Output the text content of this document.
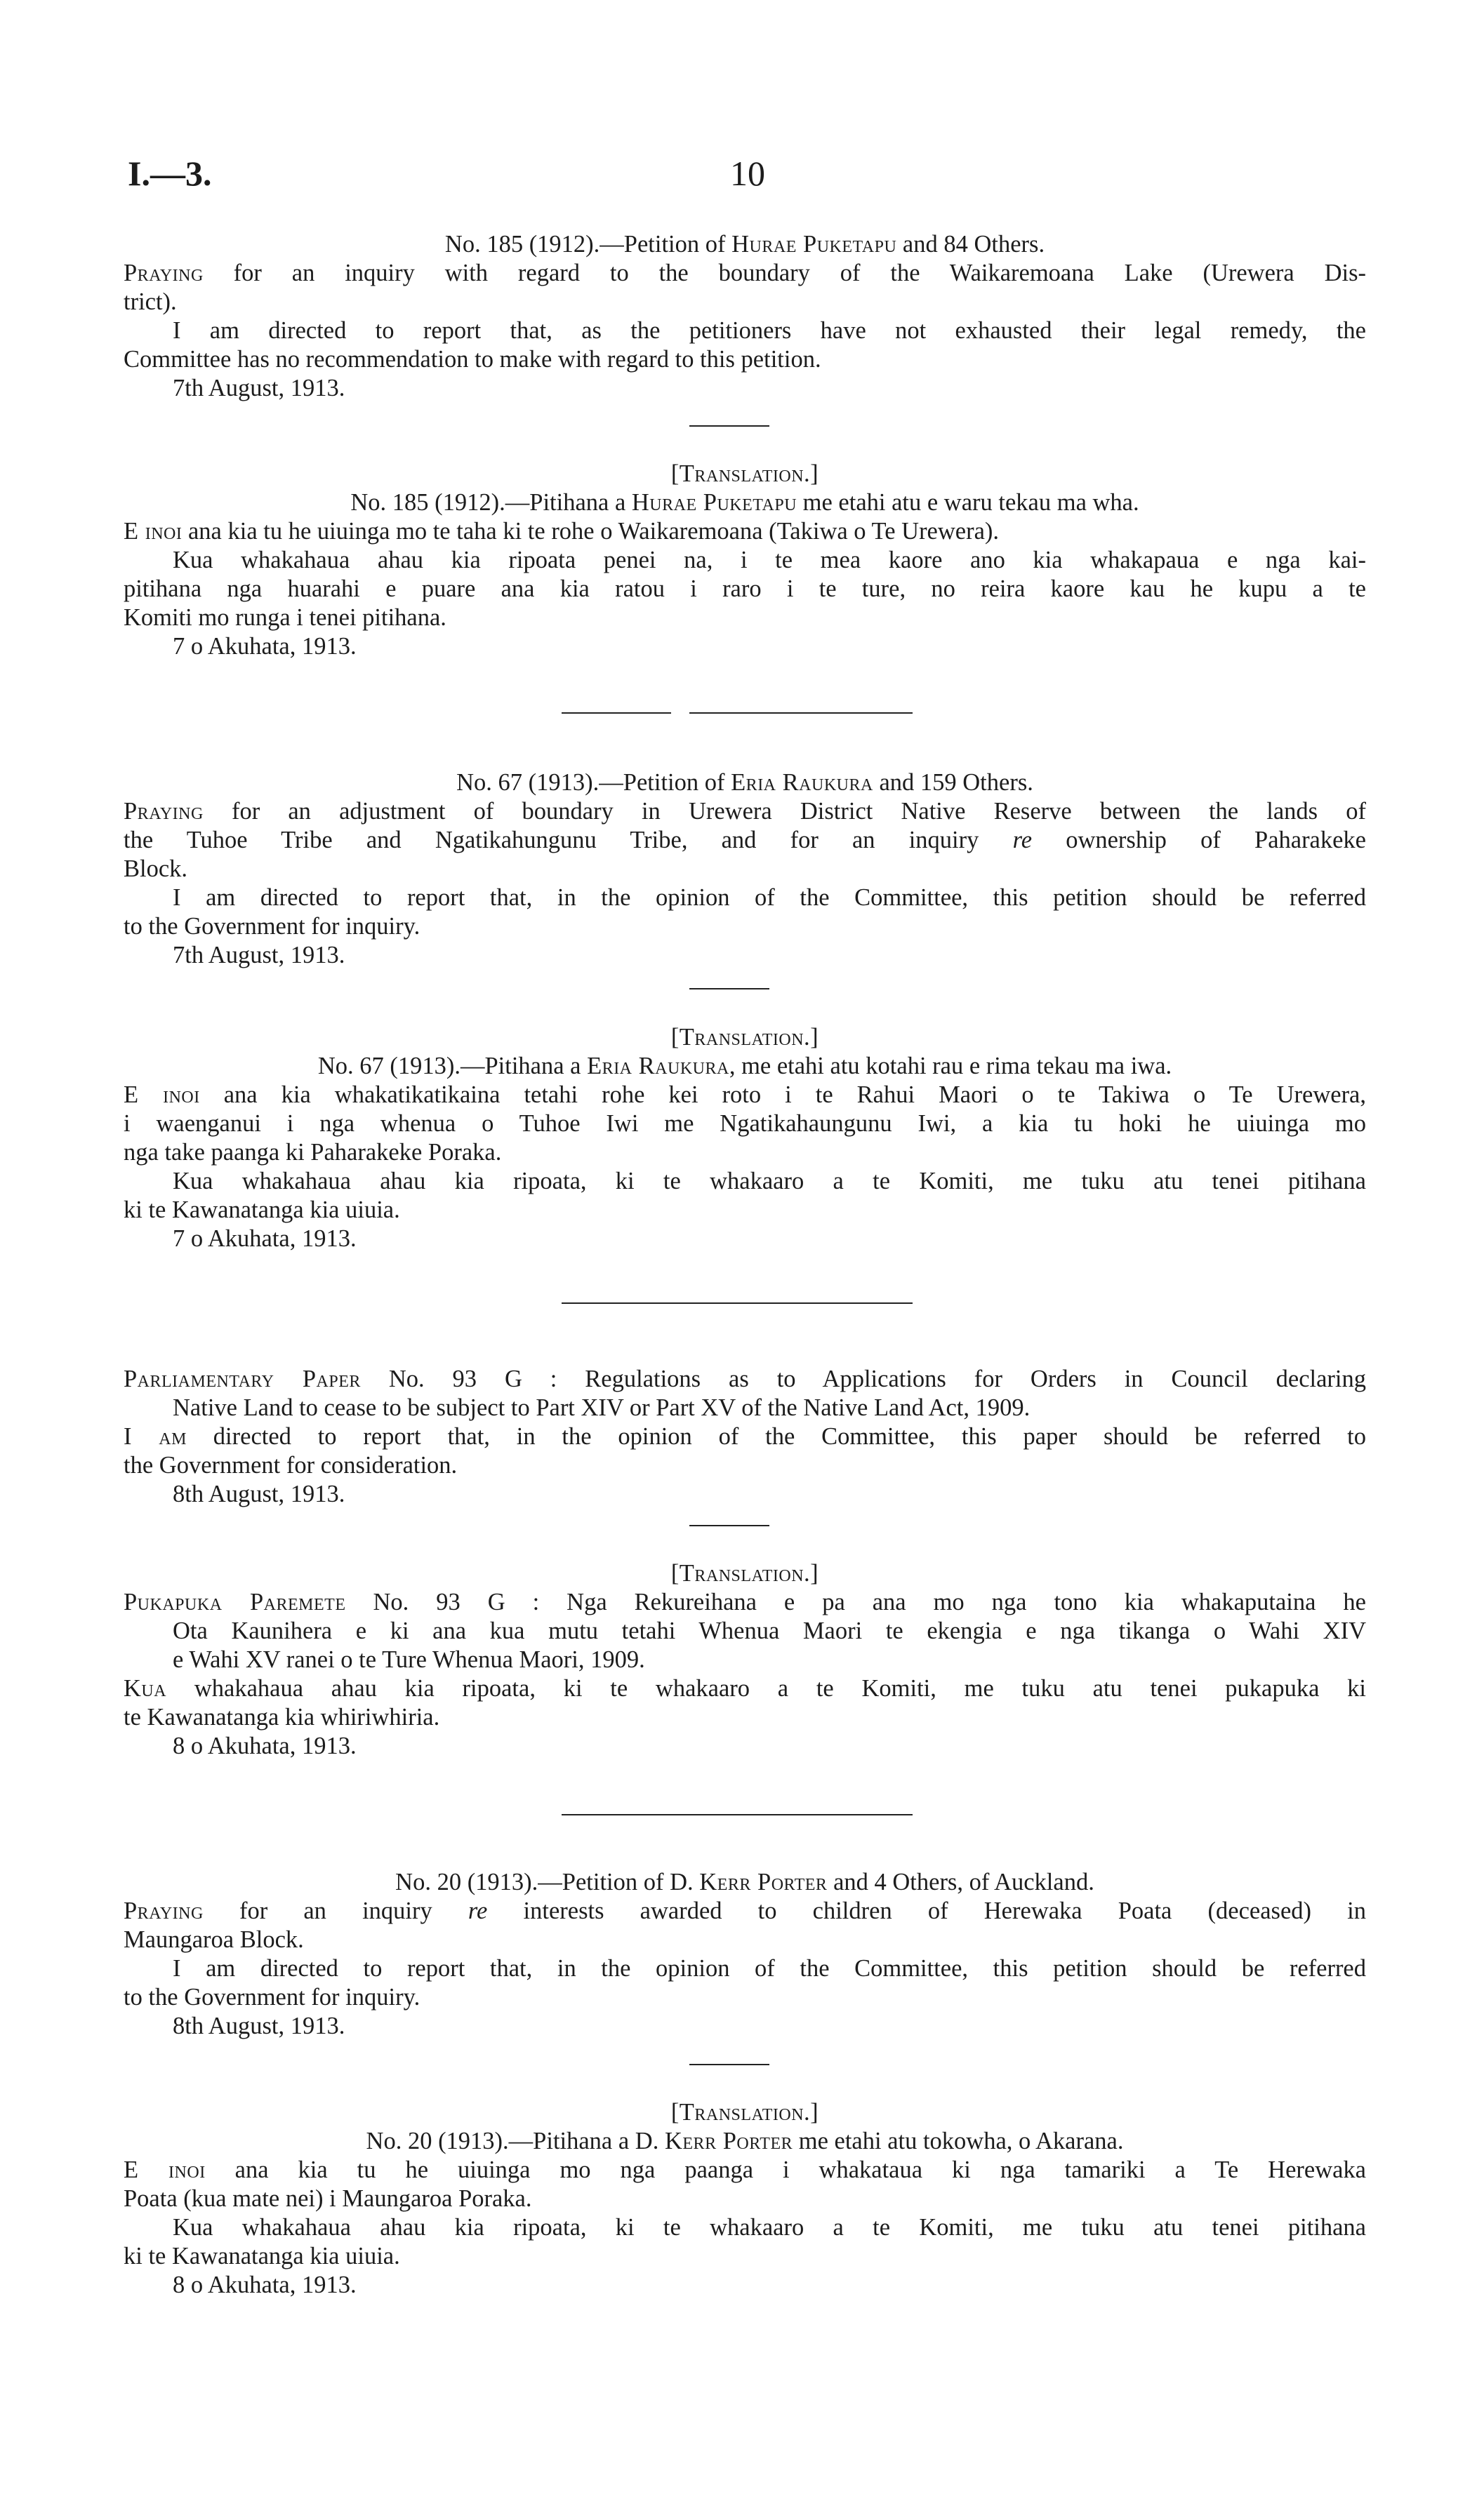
I.—3.	10
No. 185 (1912).—Petition of Hurae Puketapu and 84 Others.
Praying for an inquiry with regard to the boundary of the Waikaremoana Lake (Urewera Dis-
trict).
I am directed to report that, as the petitioners have not exhausted their legal remedy, the
Committee has no recommendation to make with regard to this petition.
7th August, 1913.
[Translation.]
No. 185 (1912).—Pitihana a Hurae Puketapu me etahi atu e waru tekau ma wha.
E inoi ana kia tu he uiuinga mo te taha ki te rohe o Waikaremoana (Takiwa o Te Urewera).
Kua whakahaua ahau kia ripoata penei na, i te mea kaore ano kia whakapaua e nga kai-
pitihana nga huarahi e puare ana kia ratou i raro i te ture, no reira kaore kau he kupu a te
Komiti mo runga i tenei pitihana.
7 o Akuhata, 1913.
No. 67 (1913).—Petition of Eria Raukura and 159 Others.
Praying for an adjustment of boundary in Urewera District Native Reserve between the lands of
the Tuhoe Tribe and Ngatikahungunu Tribe, and for an inquiry re ownership of Paharakeke
Block.
I am directed to report that, in the opinion of the Committee, this petition should be referred
to the Government for inquiry.
7th August, 1913.
[Translation.]
No. 67 (1913).—Pitihana a Eria Raukura, me etahi atu kotahi rau e rima tekau ma iwa.
E inoi ana kia whakatikatikaina tetahi rohe kei roto i te Rahui Maori o te Takiwa o Te Urewera,
i waenganui i nga whenua o Tuhoe Iwi me Ngatikahaungunu Iwi, a kia tu hoki he uiuinga mo
nga take paanga ki Paharakeke Poraka.
Kua whakahaua ahau kia ripoata, ki te whakaaro a te Komiti, me tuku atu tenei pitihana
ki te Kawanatanga kia uiuia.
7 o Akuhata, 1913.
Parliamentary Paper No. 93 G : Regulations as to Applications for Orders in Council declaring
Native Land to cease to be subject to Part XIV or Part XV of the Native Land Act, 1909.
I am directed to report that, in the opinion of the Committee, this paper should be referred to
the Government for consideration.
8th August, 1913.
[Translation.]
Pukapuka Paremete No. 93 G : Nga Rekureihana e pa ana mo nga tono kia whakaputaina he
Ota Kaunihera e ki ana kua mutu tetahi Whenua Maori te ekengia e nga tikanga o Wahi XIV
e Wahi XV ranei o te Ture Whenua Maori, 1909.
Kua whakahaua ahau kia ripoata, ki te whakaaro a te Komiti, me tuku atu tenei pukapuka ki
te Kawanatanga kia whiriwhiria.
8 o Akuhata, 1913.
No. 20 (1913).—Petition of D. Kerr Porter and 4 Others, of Auckland.
Praying for an inquiry re interests awarded to children of Herewaka Poata (deceased) in
Maungaroa Block.
I am directed to report that, in the opinion of the Committee, this petition should be referred
to the Government for inquiry.
8th August, 1913.
[Translation.]
No. 20 (1913).—Pitihana a D. Kerr Porter me etahi atu tokowha, o Akarana.
E inoi ana kia tu he uiuinga mo nga paanga i whakataua ki nga tamariki a Te Herewaka
Poata (kua mate nei) i Maungaroa Poraka.
Kua whakahaua ahau kia ripoata, ki te whakaaro a te Komiti, me tuku atu tenei pitihana
ki te Kawanatanga kia uiuia.
8 o Akuhata, 1913.
